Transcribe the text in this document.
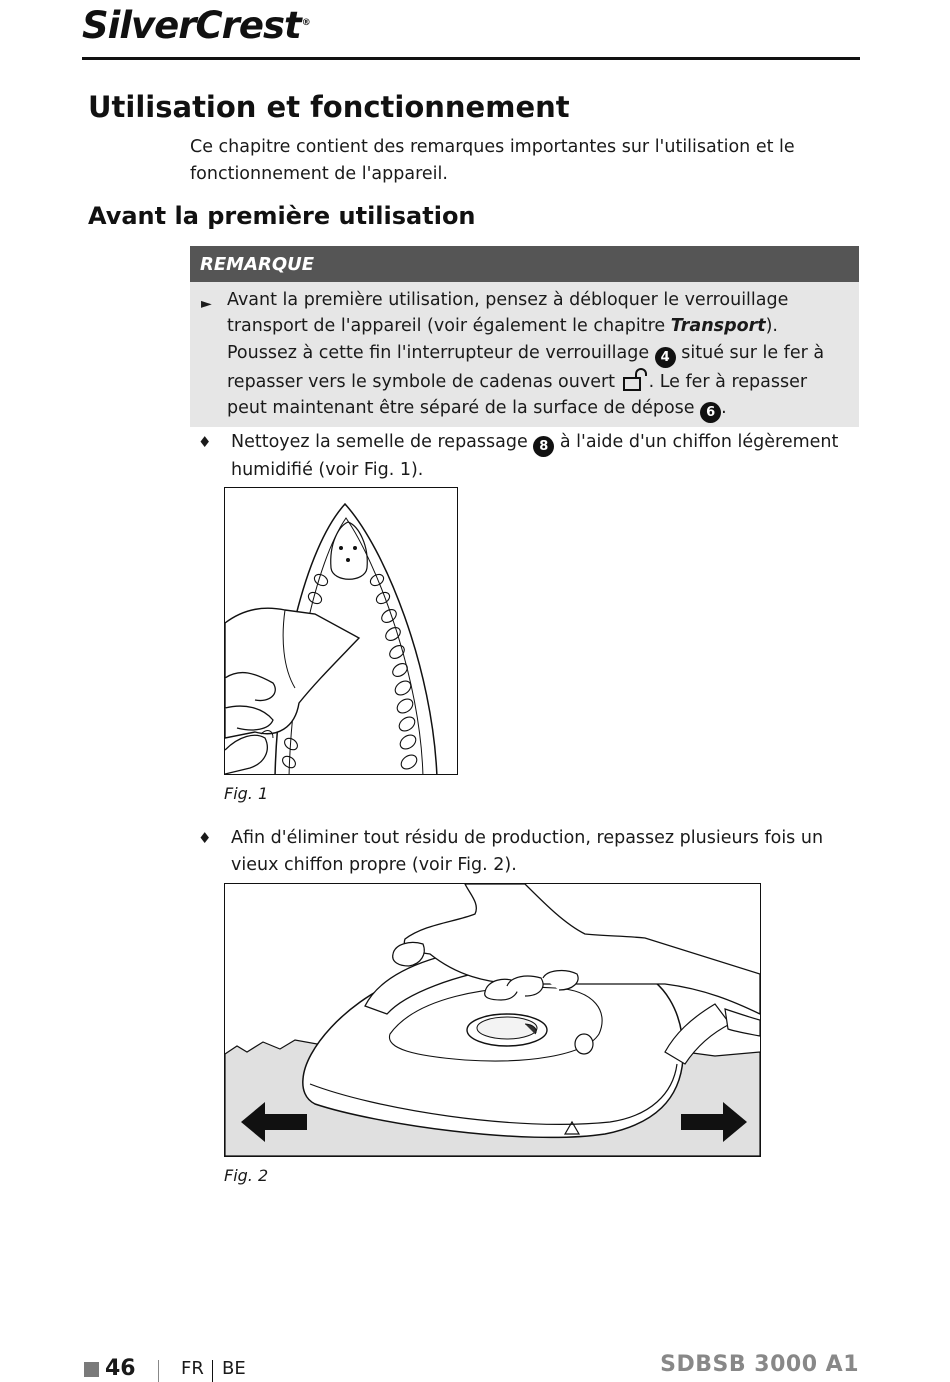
SilverCrest®
Utilisation et fonctionnement

Ce chapitre contient des remarques importantes sur l'utilisation et le fonctionnement de l'appareil.

Avant la première utilisation
REMARQUE
► Avant la première utilisation, pensez à débloquer le verrouillage transport de l'appareil (voir également le chapitre Transport). Poussez à cette fin l'interrupteur de verrouillage 4 situé sur le fer à repasser vers le symbole de cadenas ouvert . Le fer à repasser peut maintenant être séparé de la surface de dépose 6 .
♦ Nettoyez la semelle de repassage 8 à l'aide d'un chiffon légèrement humidifié (voir Fig. 1).
Fig. 1
♦ Afin d'éliminer tout résidu de production, repassez plusieurs fois un vieux chiffon propre (voir Fig. 2).
Fig. 2
46	FR BE	SDBSB 3000 A1
